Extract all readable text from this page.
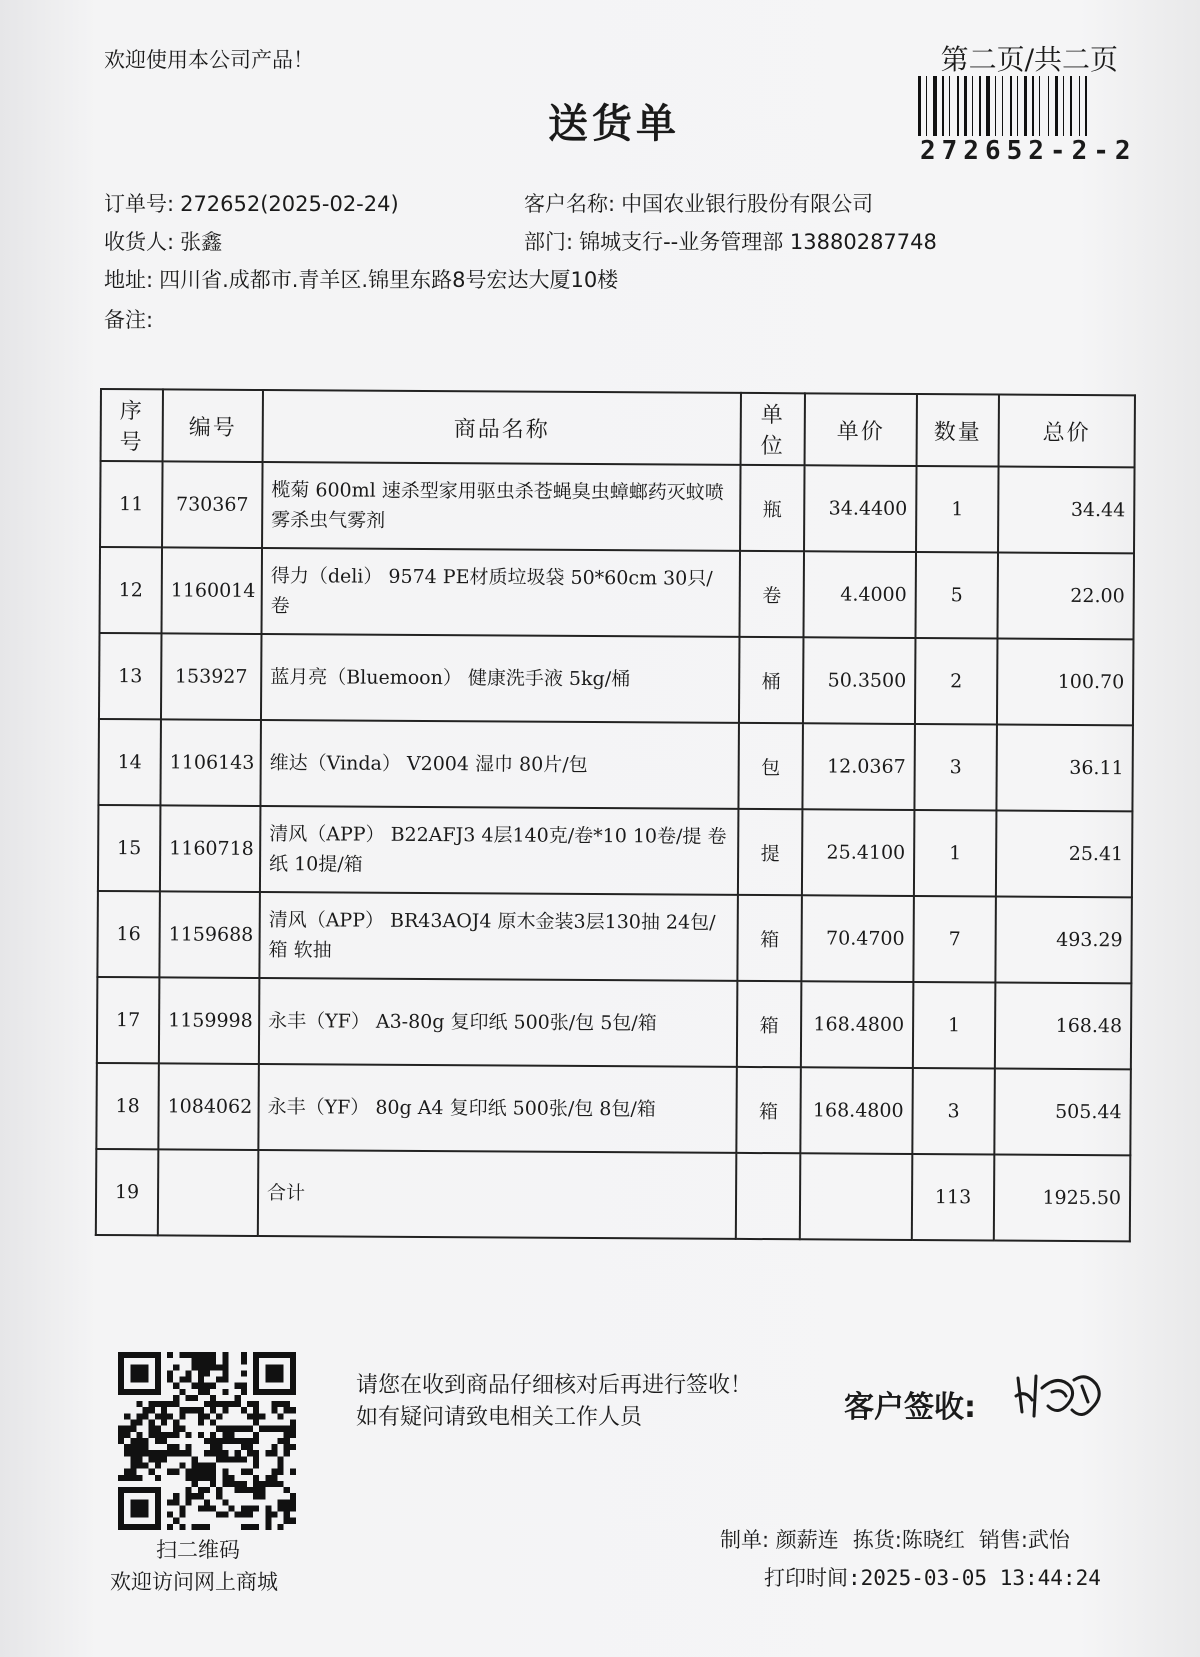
欢迎使用本公司产品！	第二页/共二页
272652-2-2
送货单
订单号: 272652(2025-02-24)	客户名称: 中国农业银行股份有限公司
收货人: 张鑫	部门: 锦城支行--业务管理部 13880287748
地址: 四川省.成都市.青羊区.锦里东路8号宏达大厦10楼
备注:
序号	编号	商品名称	单位	单价	数量	总价
11	730367	榄菊 600ml 速杀型家用驱虫杀苍蝇臭虫蟑螂药灭蚊喷雾杀虫气雾剂	瓶	34.4400	1	34.44
12	1160014	得力（deli） 9574 PE材质垃圾袋 50*60cm 30只/卷	卷	4.4000	5	22.00
13	153927	蓝月亮（Bluemoon） 健康洗手液 5kg/桶	桶	50.3500	2	100.70
14	1106143	维达（Vinda） V2004 湿巾 80片/包	包	12.0367	3	36.11
15	1160718	清风（APP） B22AFJ3 4层140克/卷*10 10卷/提 卷纸 10提/箱	提	25.4100	1	25.41
16	1159688	清风（APP） BR43AOJ4 原木金装3层130抽 24包/箱 软抽	箱	70.4700	7	493.29
17	1159998	永丰（YF） A3-80g 复印纸 500张/包 5包/箱	箱	168.4800	1	168.48
18	1084062	永丰（YF） 80g A4 复印纸 500张/包 8包/箱	箱	168.4800	3	505.44
19		合计			113	1925.50
扫二维码
欢迎访问网上商城
请您在收到商品仔细核对后再进行签收！如有疑问请致电相关工作人员	客户签收:
制单: 颜薪连 拣货:陈晓红 销售:武怡
打印时间:2025-03-05 13:44:24
